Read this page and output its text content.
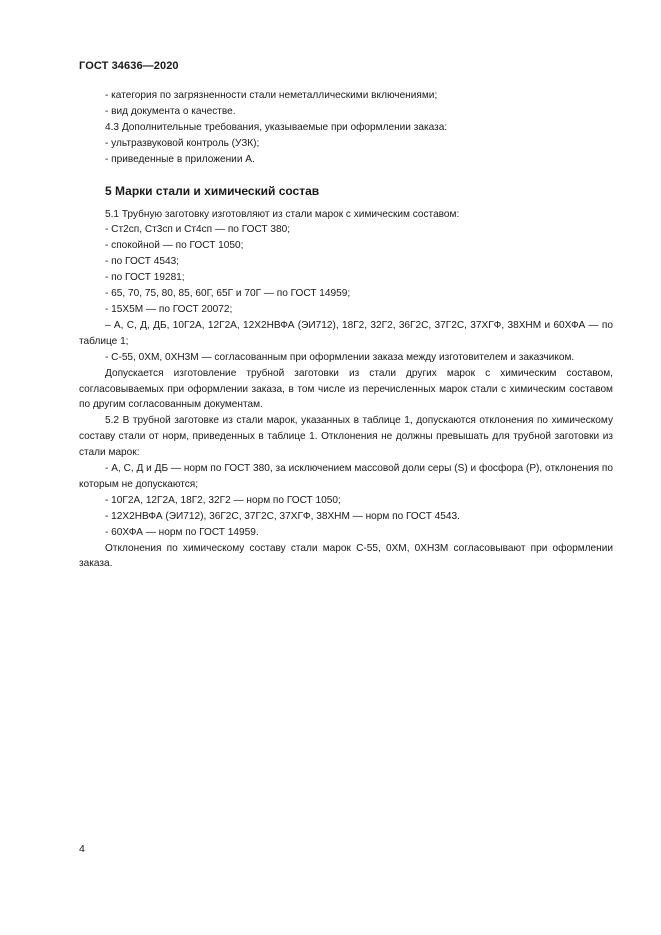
ГОСТ 34636—2020

- категория по загрязненности стали неметаллическими включениями;

- вид документа о качестве.

4.3 Дополнительные требования, указываемые при оформлении заказа:

- ультразвуковой контроль (УЗК);

- приведенные в приложении А.

5 Марки стали и химический состав

5.1 Трубную заготовку изготовляют из стали марок с химическим составом:

- Ст2сп, Ст3сп и Ст4сп — по ГОСТ 380;

- спокойной — по ГОСТ 1050;

- по ГОСТ 4543;

- по ГОСТ 19281;

- 65, 70, 75, 80, 85, 60Г, 65Г и 70Г — по ГОСТ 14959;

- 15Х5М — по ГОСТ 20072;

– А, С, Д, ДБ, 10Г2А, 12Г2А, 12Х2НВФА (ЭИ712), 18Г2, 32Г2, 36Г2С, 37Г2С, 37ХГФ, 38ХНМ и 60ХФА — по таблице 1;

- С-55, 0ХМ, 0ХН3М — согласованным при оформлении заказа между изготовителем и заказчиком.

Допускается изготовление трубной заготовки из стали других марок с химическим составом, согласовываемых при оформлении заказа, в том числе из перечисленных марок стали с химическим составом по другим согласованным документам.

5.2 В трубной заготовке из стали марок, указанных в таблице 1, допускаются отклонения по химическому составу стали от норм, приведенных в таблице 1. Отклонения не должны превышать для трубной заготовки из стали марок:

- А, С, Д и ДБ — норм по ГОСТ 380, за исключением массовой доли серы (S) и фосфора (Р), отклонения по которым не допускаются;

- 10Г2А, 12Г2А, 18Г2, 32Г2 — норм по ГОСТ 1050;

- 12Х2НВФА (ЭИ712), 36Г2С, 37Г2С, 37ХГФ, 38ХНМ — норм по ГОСТ 4543.

- 60ХФА — норм по ГОСТ 14959.

Отклонения по химическому составу стали марок С-55, 0ХМ, 0ХН3М согласовывают при оформлении заказа.

4
